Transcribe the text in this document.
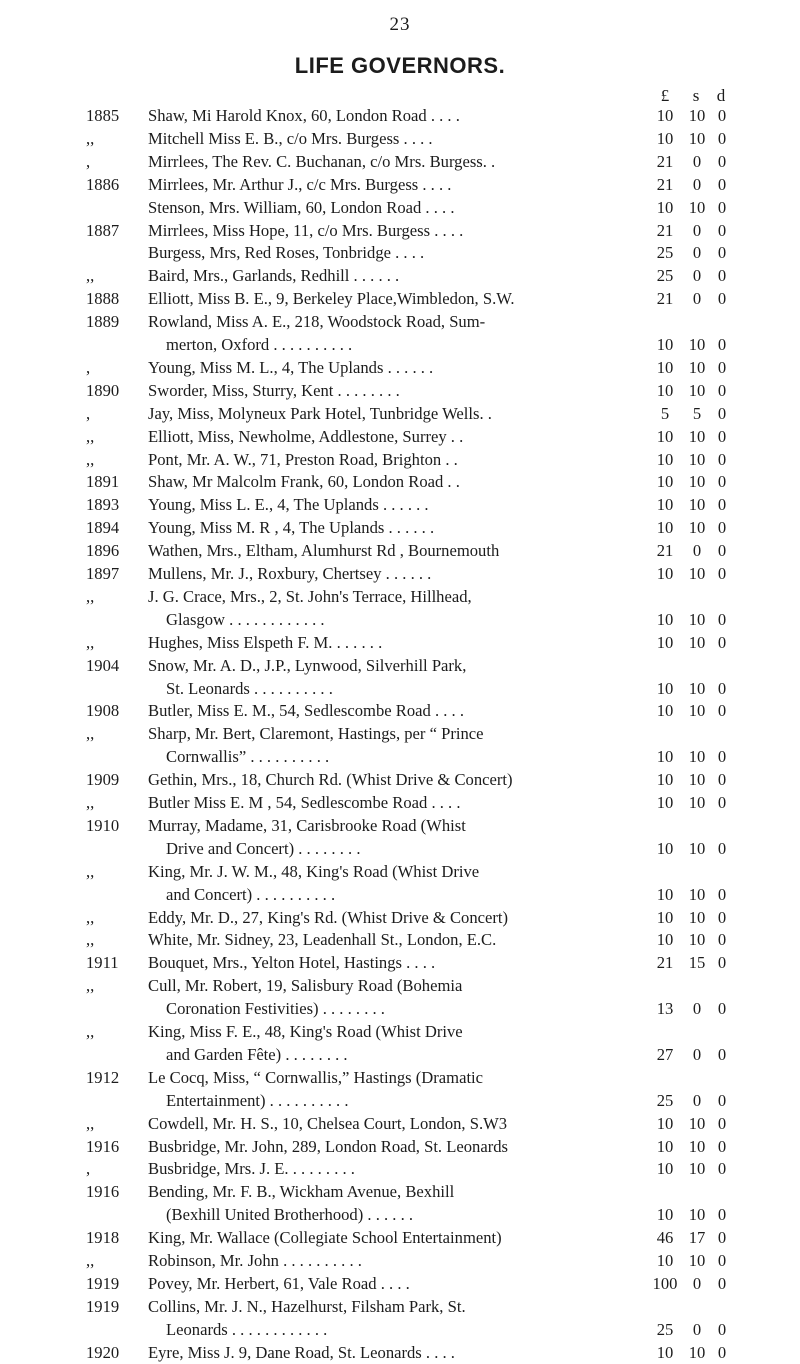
23
LIFE GOVERNORS.
£	s	d
1885	Shaw, Mi Harold Knox, 60, London Road . . . .	10 10 0
,,	Mitchell Miss E. B., c/o Mrs. Burgess . . . .	10 10 0
,	Mirrlees, The Rev. C. Buchanan, c/o Mrs. Burgess. .	21	0	0
1886	Mirrlees, Mr. Arthur J., c/c Mrs. Burgess . . . .	21	0	0
Stenson, Mrs. William, 60, London Road . . . .	10 10 0
1887	Mirrlees, Miss Hope, 11, c/o Mrs. Burgess . . . .	21	0	0
Burgess, Mrs, Red Roses, Tonbridge . . . .	25	0	0
,,	Baird, Mrs., Garlands, Redhill . . . . . .	25	0	0
1888	Elliott, Miss B. E., 9, Berkeley Place,Wimbledon, S.W.	21	0	0
1889	Rowland, Miss A. E., 218, Woodstock Road, Sum-
merton, Oxford . . . . . . . . . .	10 10 0
,	Young, Miss M. L., 4, The Uplands . . . . . .	10 10 0
1890	Sworder, Miss, Sturry, Kent . . . . . . . .	10 10 0
,	Jay, Miss, Molyneux Park Hotel, Tunbridge Wells. .	5	5	0
,,	Elliott, Miss, Newholme, Addlestone, Surrey . .	10 10 0
,,	Pont, Mr. A. W., 71, Preston Road, Brighton . .	10 10 0
1891	Shaw, Mr Malcolm Frank, 60, London Road . .	10 10 0
1893	Young, Miss L. E., 4, The Uplands . . . . . .	10 10 0
1894	Young, Miss M. R , 4, The Uplands . . . . . .	10 10 0
1896	Wathen, Mrs., Eltham, Alumhurst Rd , Bournemouth	21	0	0
1897	Mullens, Mr. J., Roxbury, Chertsey . . . . . .	10 10 0
,,	J. G. Crace, Mrs., 2, St. John's Terrace, Hillhead,
Glasgow . . . . . . . . . . . .	10 10 0
,,	Hughes, Miss Elspeth F. M. . . . . . .	10 10 0
1904	Snow, Mr. A. D., J.P., Lynwood, Silverhill Park,
St. Leonards . . . . . . . . . .	10 10 0
1908	Butler, Miss E. M., 54, Sedlescombe Road . . . .	10 10 0
,,	Sharp, Mr. Bert, Claremont, Hastings, per “ Prince
Cornwallis” . . . . . . . . . .	10 10 0
1909	Gethin, Mrs., 18, Church Rd. (Whist Drive & Concert)	10 10 0
,,	Butler Miss E. M , 54, Sedlescombe Road . . . .	10 10 0
1910	Murray, Madame, 31, Carisbrooke Road (Whist
Drive and Concert) . . . . . . . .	10 10 0
,,	King, Mr. J. W. M., 48, King's Road (Whist Drive
and Concert) . . . . . . . . . .	10 10 0
,,	Eddy, Mr. D., 27, King's Rd. (Whist Drive & Concert)	10 10 0
,,	White, Mr. Sidney, 23, Leadenhall St., London, E.C.	10 10 0
1911	Bouquet, Mrs., Yelton Hotel, Hastings . . . .	21 15 0
,,	Cull, Mr. Robert, 19, Salisbury Road (Bohemia
Coronation Festivities) . . . . . . . .	13	0	0
,,	King, Miss F. E., 48, King's Road (Whist Drive
and Garden Fête) . . . . . . . .	27	0	0
1912	Le Cocq, Miss, “ Cornwallis,” Hastings (Dramatic
Entertainment) . . . . . . . . . .	25	0	0
,,	Cowdell, Mr. H. S., 10, Chelsea Court, London, S.W3	10 10 0
1916	Busbridge, Mr. John, 289, London Road, St. Leonards	10 10 0
,	Busbridge, Mrs. J. E. . . . . . . . .	10 10 0
1916	Bending, Mr. F. B., Wickham Avenue, Bexhill
(Bexhill United Brotherhood) . . . . . .	10 10 0
1918	King, Mr. Wallace (Collegiate School Entertainment)	46 17 0
,,	Robinson, Mr. John . . . . . . . . . .	10 10 0
1919	Povey, Mr. Herbert, 61, Vale Road . . . .	100 0	0
1919	Collins, Mr. J. N., Hazelhurst, Filsham Park, St.
Leonards . . . . . . . . . . . .	25	0	0
1920	Eyre, Miss J. 9, Dane Road, St. Leonards . . . .	10 10 0
